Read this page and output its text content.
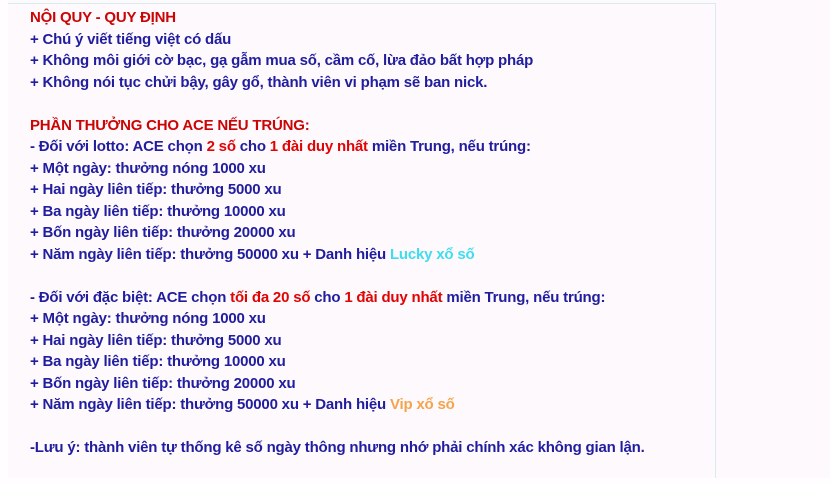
NỘI QUY - QUY ĐỊNH
+ Chú ý viết tiếng việt có dấu
+ Không môi giới cờ bạc, gạ gẫm mua số, cầm cố, lừa đảo bất hợp pháp
+ Không nói tục chửi bậy, gây gổ, thành viên vi phạm sẽ ban nick.

PHẦN THƯỞNG CHO ACE NẾU TRÚNG:
- Đối với lotto: ACE chọn 2 số cho 1 đài duy nhất miền Trung, nếu trúng:
+ Một ngày: thưởng nóng 1000 xu
+ Hai ngày liên tiếp: thưởng 5000 xu
+ Ba ngày liên tiếp: thưởng 10000 xu
+ Bốn ngày liên tiếp: thưởng 20000 xu
+ Năm ngày liên tiếp: thưởng 50000 xu + Danh hiệu Lucky xổ số

- Đối với đặc biệt: ACE chọn tối đa 20 số cho 1 đài duy nhất miền Trung, nếu trúng:
+ Một ngày: thưởng nóng 1000 xu
+ Hai ngày liên tiếp: thưởng 5000 xu
+ Ba ngày liên tiếp: thưởng 10000 xu
+ Bốn ngày liên tiếp: thưởng 20000 xu
+ Năm ngày liên tiếp: thưởng 50000 xu + Danh hiệu Vip xổ số

-Lưu ý: thành viên tự thống kê số ngày thông nhưng nhớ phải chính xác không gian lận.
